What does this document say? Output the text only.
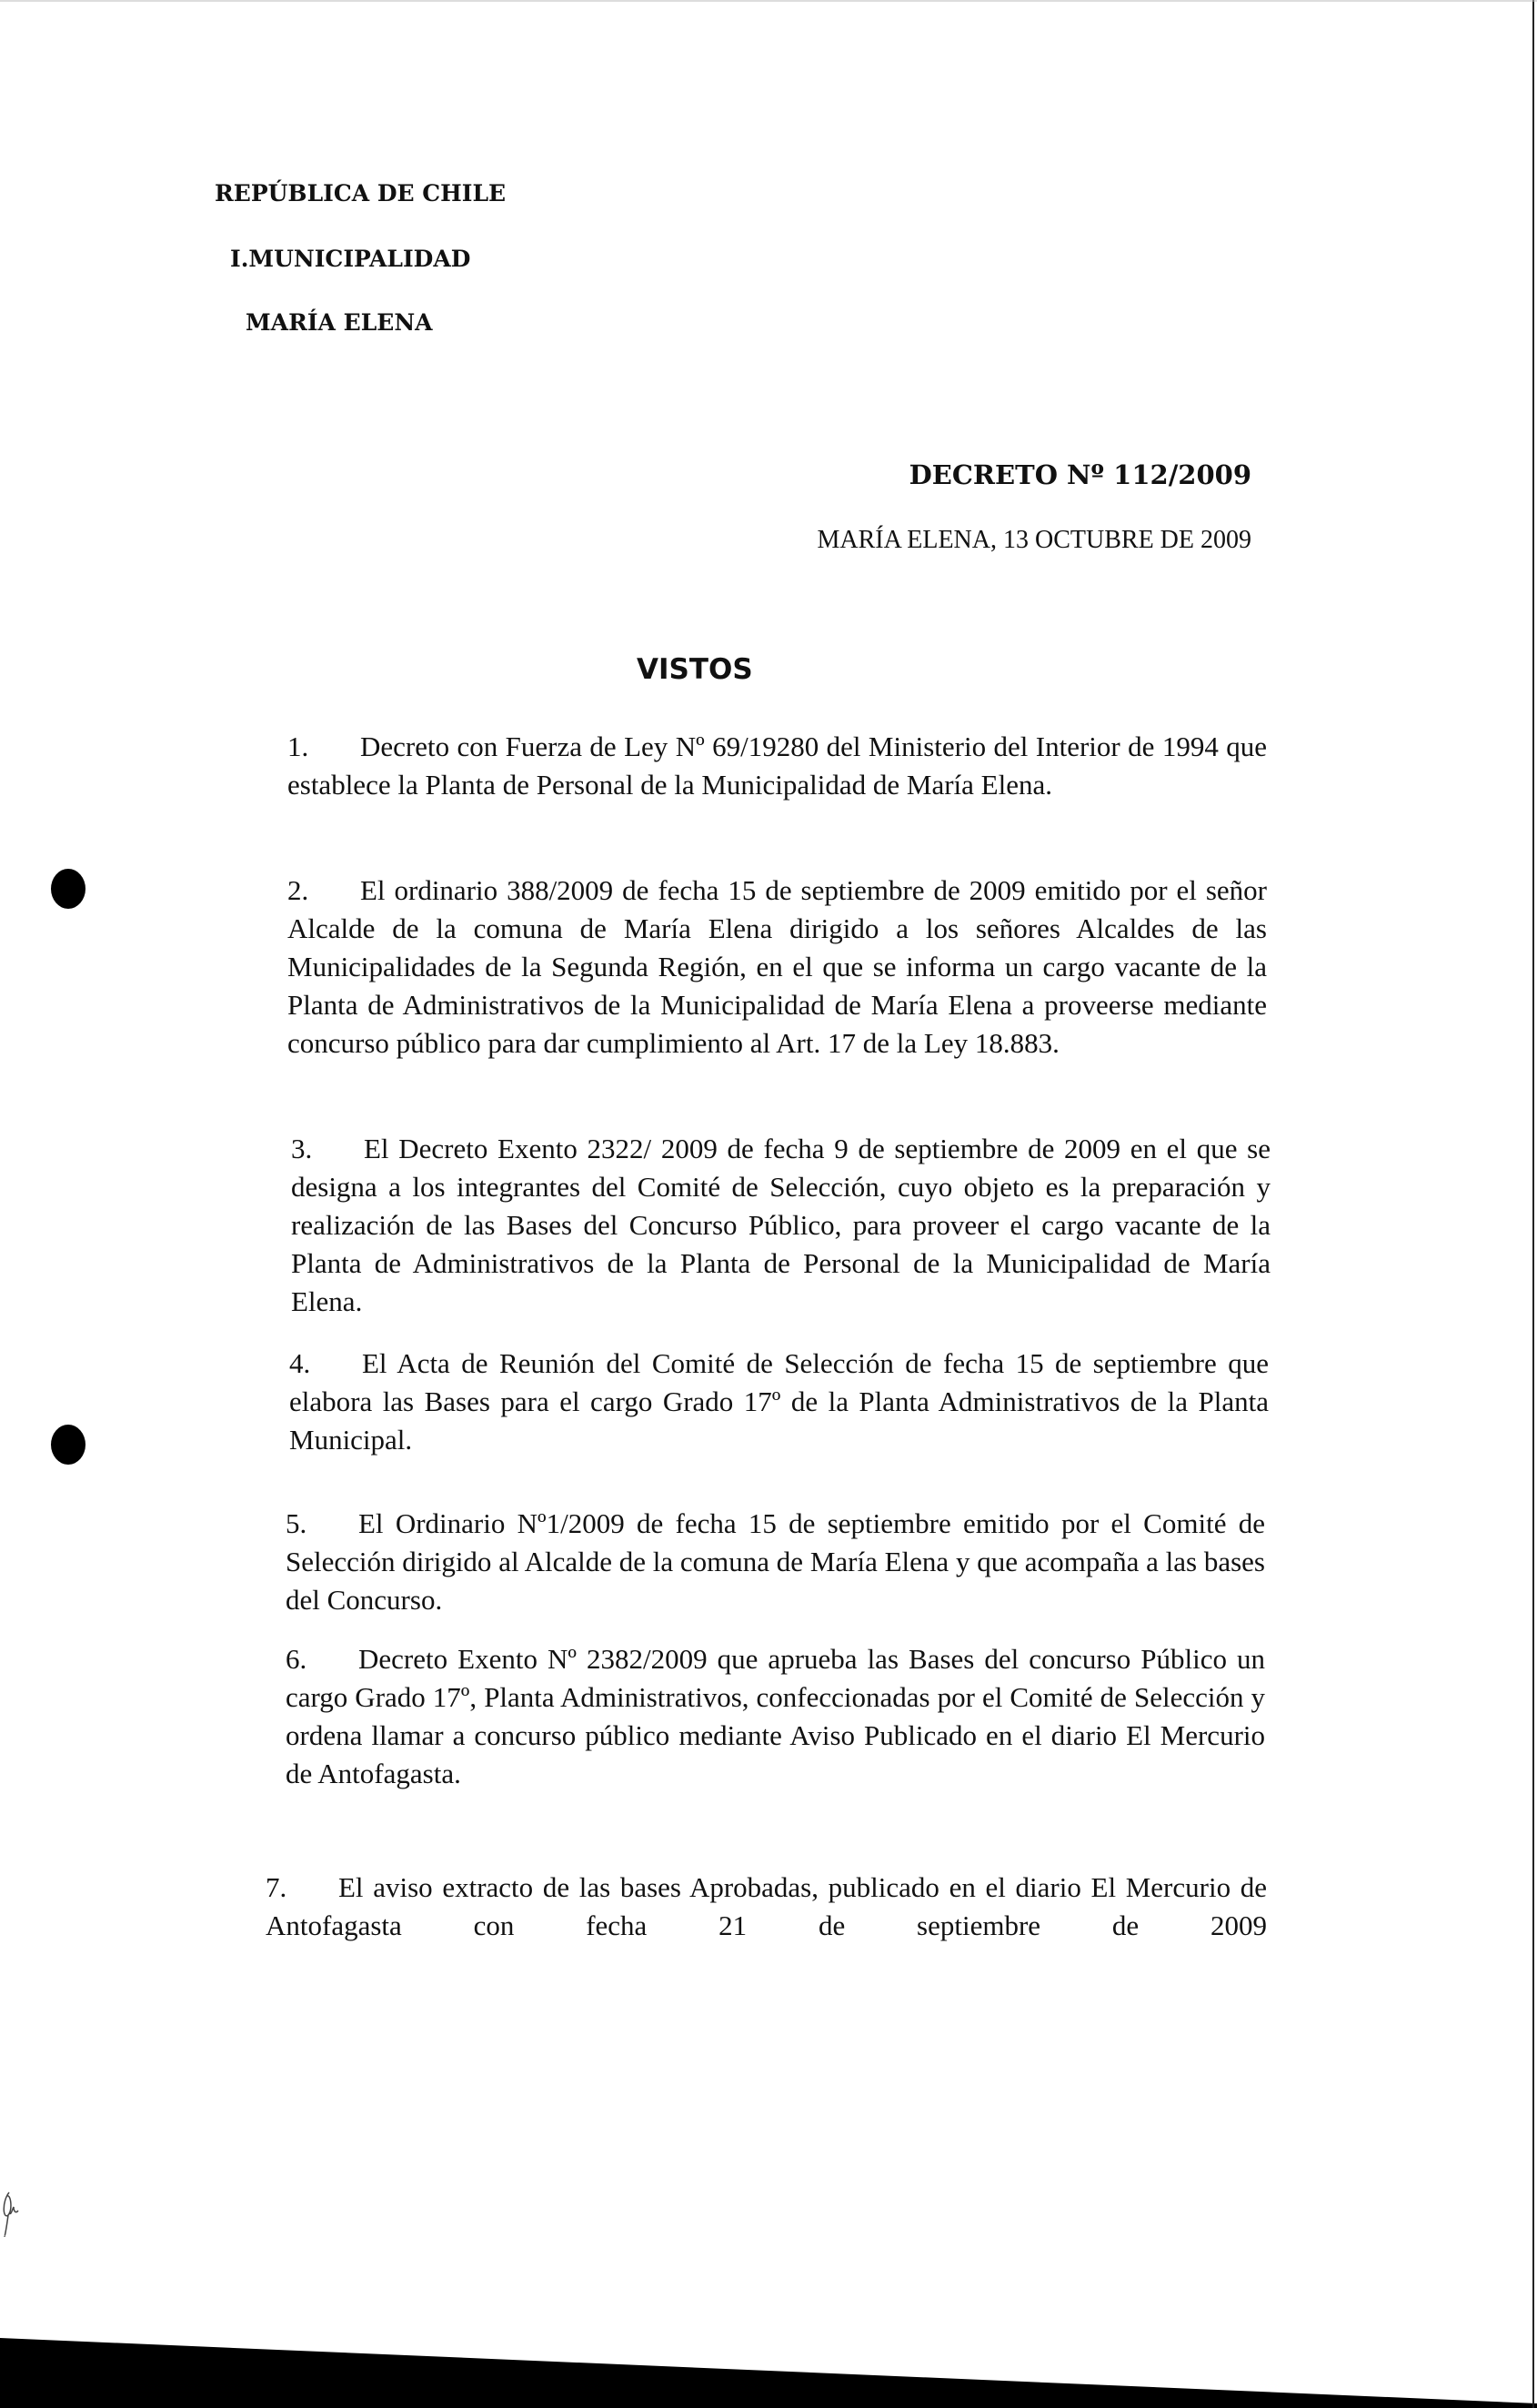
REPÚBLICA DE CHILE
I.MUNICIPALIDAD
MARÍA ELENA
DECRETO Nº 112/2009
MARÍA ELENA, 13 OCTUBRE DE 2009
VISTOS
1. Decreto con Fuerza de Ley Nº 69/19280 del Ministerio del Interior de 1994 que establece la Planta de Personal de la Municipalidad de María Elena.
2. El ordinario 388/2009 de fecha 15 de septiembre de 2009 emitido por el señor Alcalde de la comuna de María Elena dirigido a los señores Alcaldes de las Municipalidades de la Segunda Región, en el que se informa un cargo vacante de la Planta de Administrativos de la Municipalidad de María Elena a proveerse mediante concurso público para dar cumplimiento al Art. 17 de la Ley 18.883.
3. El Decreto Exento 2322/ 2009 de fecha 9 de septiembre de 2009 en el que se designa a los integrantes del Comité de Selección, cuyo objeto es la preparación y realización de las Bases del Concurso Público, para proveer el cargo vacante de la Planta de Administrativos de la Planta de Personal de la Municipalidad de María Elena.
4. El Acta de Reunión del Comité de Selección de fecha 15 de septiembre que elabora las Bases para el cargo Grado 17º de la Planta Administrativos de la Planta Municipal.
5. El Ordinario Nº1/2009 de fecha 15 de septiembre emitido por el Comité de Selección dirigido al Alcalde de la comuna de María Elena y que acompaña a las bases del Concurso.
6. Decreto Exento Nº 2382/2009 que aprueba las Bases del concurso Público un cargo Grado 17º, Planta Administrativos, confeccionadas por el Comité de Selección y ordena llamar a concurso público mediante Aviso Publicado en el diario El Mercurio de Antofagasta.
7. El aviso extracto de las bases Aprobadas, publicado en el diario El Mercurio de Antofagasta con fecha 21 de septiembre de 2009
